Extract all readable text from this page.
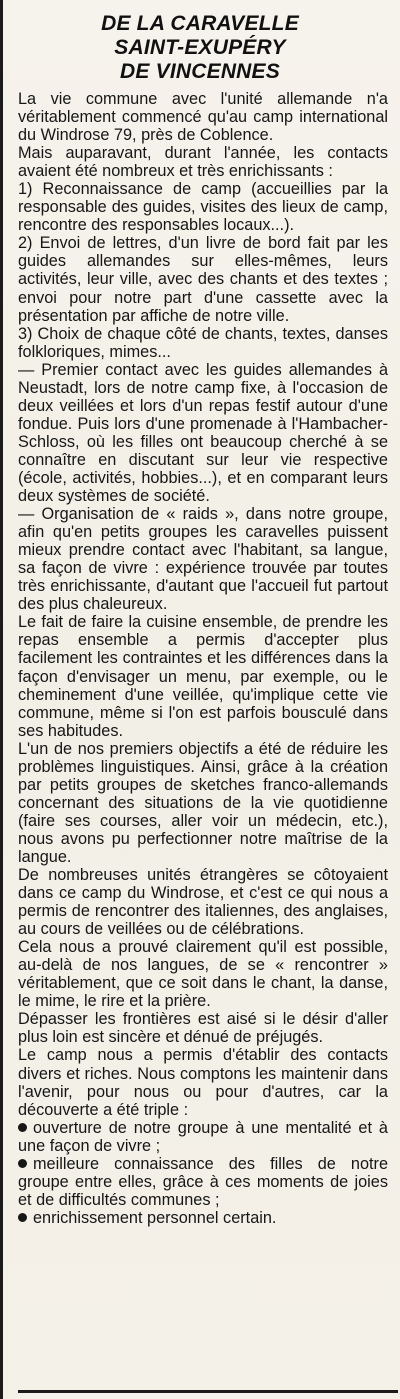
DE LA CARAVELLE
SAINT-EXUPÉRY
DE VINCENNES

La vie commune avec l'unité allemande n'a véritablement commencé qu'au camp international du Windrose 79, près de Coblence.

Mais auparavant, durant l'année, les contacts avaient été nombreux et très enrichissants :

1) Reconnaissance de camp (accueillies par la responsable des guides, visites des lieux de camp, rencontre des responsables locaux...).

2) Envoi de lettres, d'un livre de bord fait par les guides allemandes sur elles-mêmes, leurs activités, leur ville, avec des chants et des textes ; envoi pour notre part d'une cassette avec la présentation par affiche de notre ville.

3) Choix de chaque côté de chants, textes, danses folkloriques, mimes...

— Premier contact avec les guides allemandes à Neustadt, lors de notre camp fixe, à l'occasion de deux veillées et lors d'un repas festif autour d'une fondue. Puis lors d'une promenade à l'Hambacher-Schloss, où les filles ont beaucoup cherché à se connaître en discutant sur leur vie respective (école, activités, hobbies...), et en comparant leurs deux systèmes de société.

— Organisation de « raids », dans notre groupe, afin qu'en petits groupes les caravelles puissent mieux prendre contact avec l'habitant, sa langue, sa façon de vivre : expérience trouvée par toutes très enrichissante, d'autant que l'accueil fut partout des plus chaleureux.

Le fait de faire la cuisine ensemble, de prendre les repas ensemble a permis d'accepter plus facilement les contraintes et les différences dans la façon d'envisager un menu, par exemple, ou le cheminement d'une veillée, qu'implique cette vie commune, même si l'on est parfois bousculé dans ses habitudes.

L'un de nos premiers objectifs a été de réduire les problèmes linguistiques. Ainsi, grâce à la création par petits groupes de sketches franco-allemands concernant des situations de la vie quotidienne (faire ses courses, aller voir un médecin, etc.), nous avons pu perfectionner notre maîtrise de la langue.

De nombreuses unités étrangères se côtoyaient dans ce camp du Windrose, et c'est ce qui nous a permis de rencontrer des italiennes, des anglaises, au cours de veillées ou de célébrations.

Cela nous a prouvé clairement qu'il est possible, au-delà de nos langues, de se « rencontrer » véritablement, que ce soit dans le chant, la danse, le mime, le rire et la prière.

Dépasser les frontières est aisé si le désir d'aller plus loin est sincère et dénué de préjugés.

Le camp nous a permis d'établir des contacts divers et riches. Nous comptons les maintenir dans l'avenir, pour nous ou pour d'autres, car la découverte a été triple :

ouverture de notre groupe à une mentalité et à une façon de vivre ;

meilleure connaissance des filles de notre groupe entre elles, grâce à ces moments de joies et de difficultés communes ;

enrichissement personnel certain.
